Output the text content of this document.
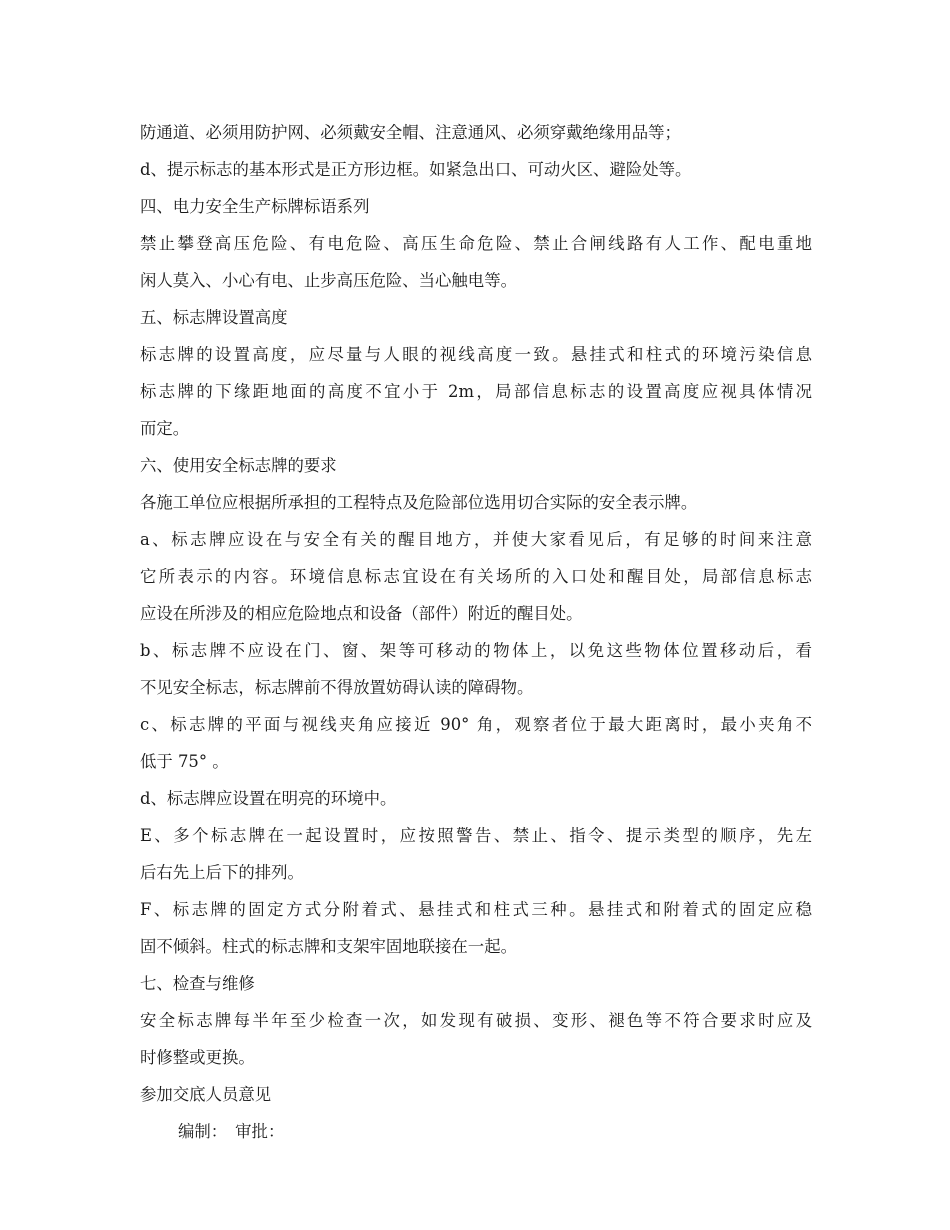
防通道、必须用防护网、必须戴安全帽、注意通风、必须穿戴绝缘用品等；
d、提示标志的基本形式是正方形边框。如紧急出口、可动火区、避险处等。
四、电力安全生产标牌标语系列
禁止攀登高压危险、有电危险、高压生命危险、禁止合闸线路有人工作、配电重地
闲人莫入、小心有电、止步高压危险、当心触电等。
五、标志牌设置高度
标志牌的设置高度，应尽量与人眼的视线高度一致。悬挂式和柱式的环境污染信息
标志牌的下缘距地面的高度不宜小于 2m，局部信息标志的设置高度应视具体情况
而定。
六、使用安全标志牌的要求
各施工单位应根据所承担的工程特点及危险部位选用切合实际的安全表示牌。
a、标志牌应设在与安全有关的醒目地方，并使大家看见后，有足够的时间来注意
它所表示的内容。环境信息标志宜设在有关场所的入口处和醒目处，局部信息标志
应设在所涉及的相应危险地点和设备（部件）附近的醒目处。
b、标志牌不应设在门、窗、架等可移动的物体上，以免这些物体位置移动后，看
不见安全标志，标志牌前不得放置妨碍认读的障碍物。
c、标志牌的平面与视线夹角应接近 90° 角，观察者位于最大距离时，最小夹角不
低于 75° 。
d、标志牌应设置在明亮的环境中。
E、多个标志牌在一起设置时，应按照警告、禁止、指令、提示类型的顺序，先左
后右先上后下的排列。
F、标志牌的固定方式分附着式、悬挂式和柱式三种。悬挂式和附着式的固定应稳
固不倾斜。柱式的标志牌和支架牢固地联接在一起。
七、检查与维修
安全标志牌每半年至少检查一次，如发现有破损、变形、褪色等不符合要求时应及
时修整或更换。
参加交底人员意见
编制： 审批：
